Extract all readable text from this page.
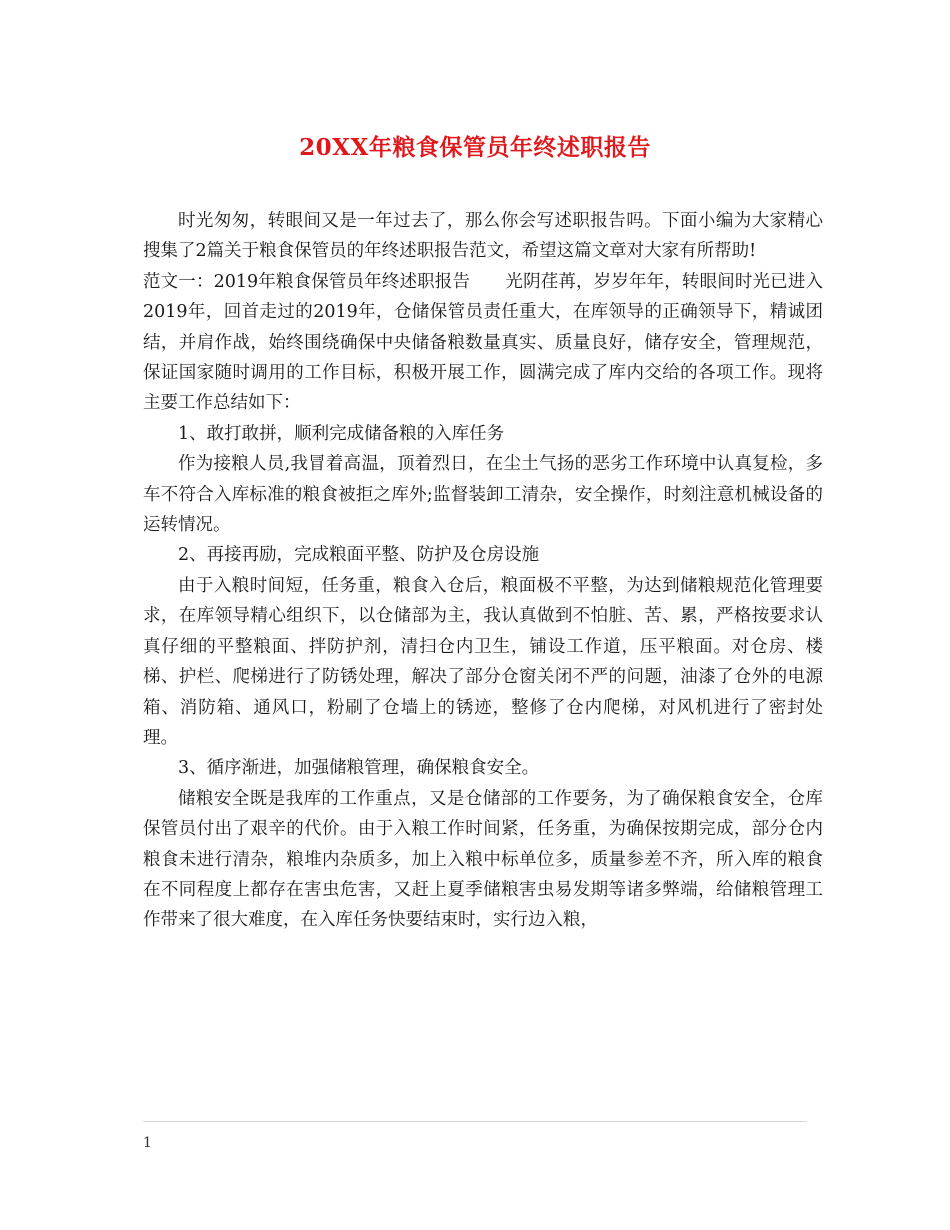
20XX年粮食保管员年终述职报告

时光匆匆，转眼间又是一年过去了，那么你会写述职报告吗。下面小编为大家精心搜集了2篇关于粮食保管员的年终述职报告范文，希望这篇文章对大家有所帮助!

范文一：2019年粮食保管员年终述职报告　　光阴荏苒，岁岁年年，转眼间时光已进入2019年，回首走过的2019年，仓储保管员责任重大，在库领导的正确领导下，精诚团结，并肩作战，始终围绕确保中央储备粮数量真实、质量良好，储存安全，管理规范，保证国家随时调用的工作目标，积极开展工作，圆满完成了库内交给的各项工作。现将主要工作总结如下：

1、敢打敢拼，顺利完成储备粮的入库任务

作为接粮人员,我冒着高温，顶着烈日，在尘土气扬的恶劣工作环境中认真复检，多车不符合入库标准的粮食被拒之库外;监督装卸工清杂，安全操作，时刻注意机械设备的运转情况。

2、再接再励，完成粮面平整、防护及仓房设施

由于入粮时间短，任务重，粮食入仓后，粮面极不平整，为达到储粮规范化管理要求，在库领导精心组织下，以仓储部为主，我认真做到不怕脏、苦、累，严格按要求认真仔细的平整粮面、拌防护剂，清扫仓内卫生，铺设工作道，压平粮面。对仓房、楼梯、护栏、爬梯进行了防锈处理，解决了部分仓窗关闭不严的问题，油漆了仓外的电源箱、消防箱、通风口，粉刷了仓墙上的锈迹，整修了仓内爬梯，对风机进行了密封处理。

3、循序渐进，加强储粮管理，确保粮食安全。

储粮安全既是我库的工作重点，又是仓储部的工作要务，为了确保粮食安全，仓库保管员付出了艰辛的代价。由于入粮工作时间紧，任务重，为确保按期完成，部分仓内粮食未进行清杂，粮堆内杂质多，加上入粮中标单位多，质量参差不齐，所入库的粮食在不同程度上都存在害虫危害，又赶上夏季储粮害虫易发期等诸多弊端，给储粮管理工作带来了很大难度，在入库任务快要结束时，实行边入粮，

1
